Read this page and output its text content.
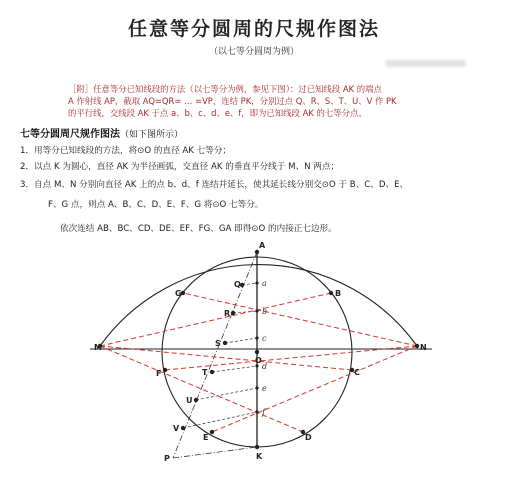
任意等分圆周的尺规作图法
（以七等分圆周为例）
［附］任意等分已知线段的方法（以七等分为例，参见下图）：过已知线段 AK 的端点
A 作射线 AP，截取 AQ=QR= … =VP，连结 PK，分别过点 Q、R、S、T、U、V 作 PK
的平行线，交线段 AK 于点 a、b、c、d、e、f，即为已知线段 AK 的七等分点。
七等分圆周尺规作图法（如下图所示）
1．用等分已知线段的方法，将⊙O 的直径 AK 七等分；
2．以点 K 为圆心，直径 AK 为半径画弧，交直径 AK 的垂直平分线于 M、N 两点；
3．自点 M、N 分别向直径 AK 上的点 b、d、f 连结并延长，使其延长线分别交⊙O 于 B、C、D、E、
F、G 点，则点 A、B、C、D、E、F、G 将⊙O 七等分。
依次连结 AB、BC、CD、DE、EF、FG、GA 即得⊙O 的内接正七边形。
A
B
C
D
E
F
G
K
M	N
O
Q
R
S
T
U
V
P
a
b
c
d
e
f
